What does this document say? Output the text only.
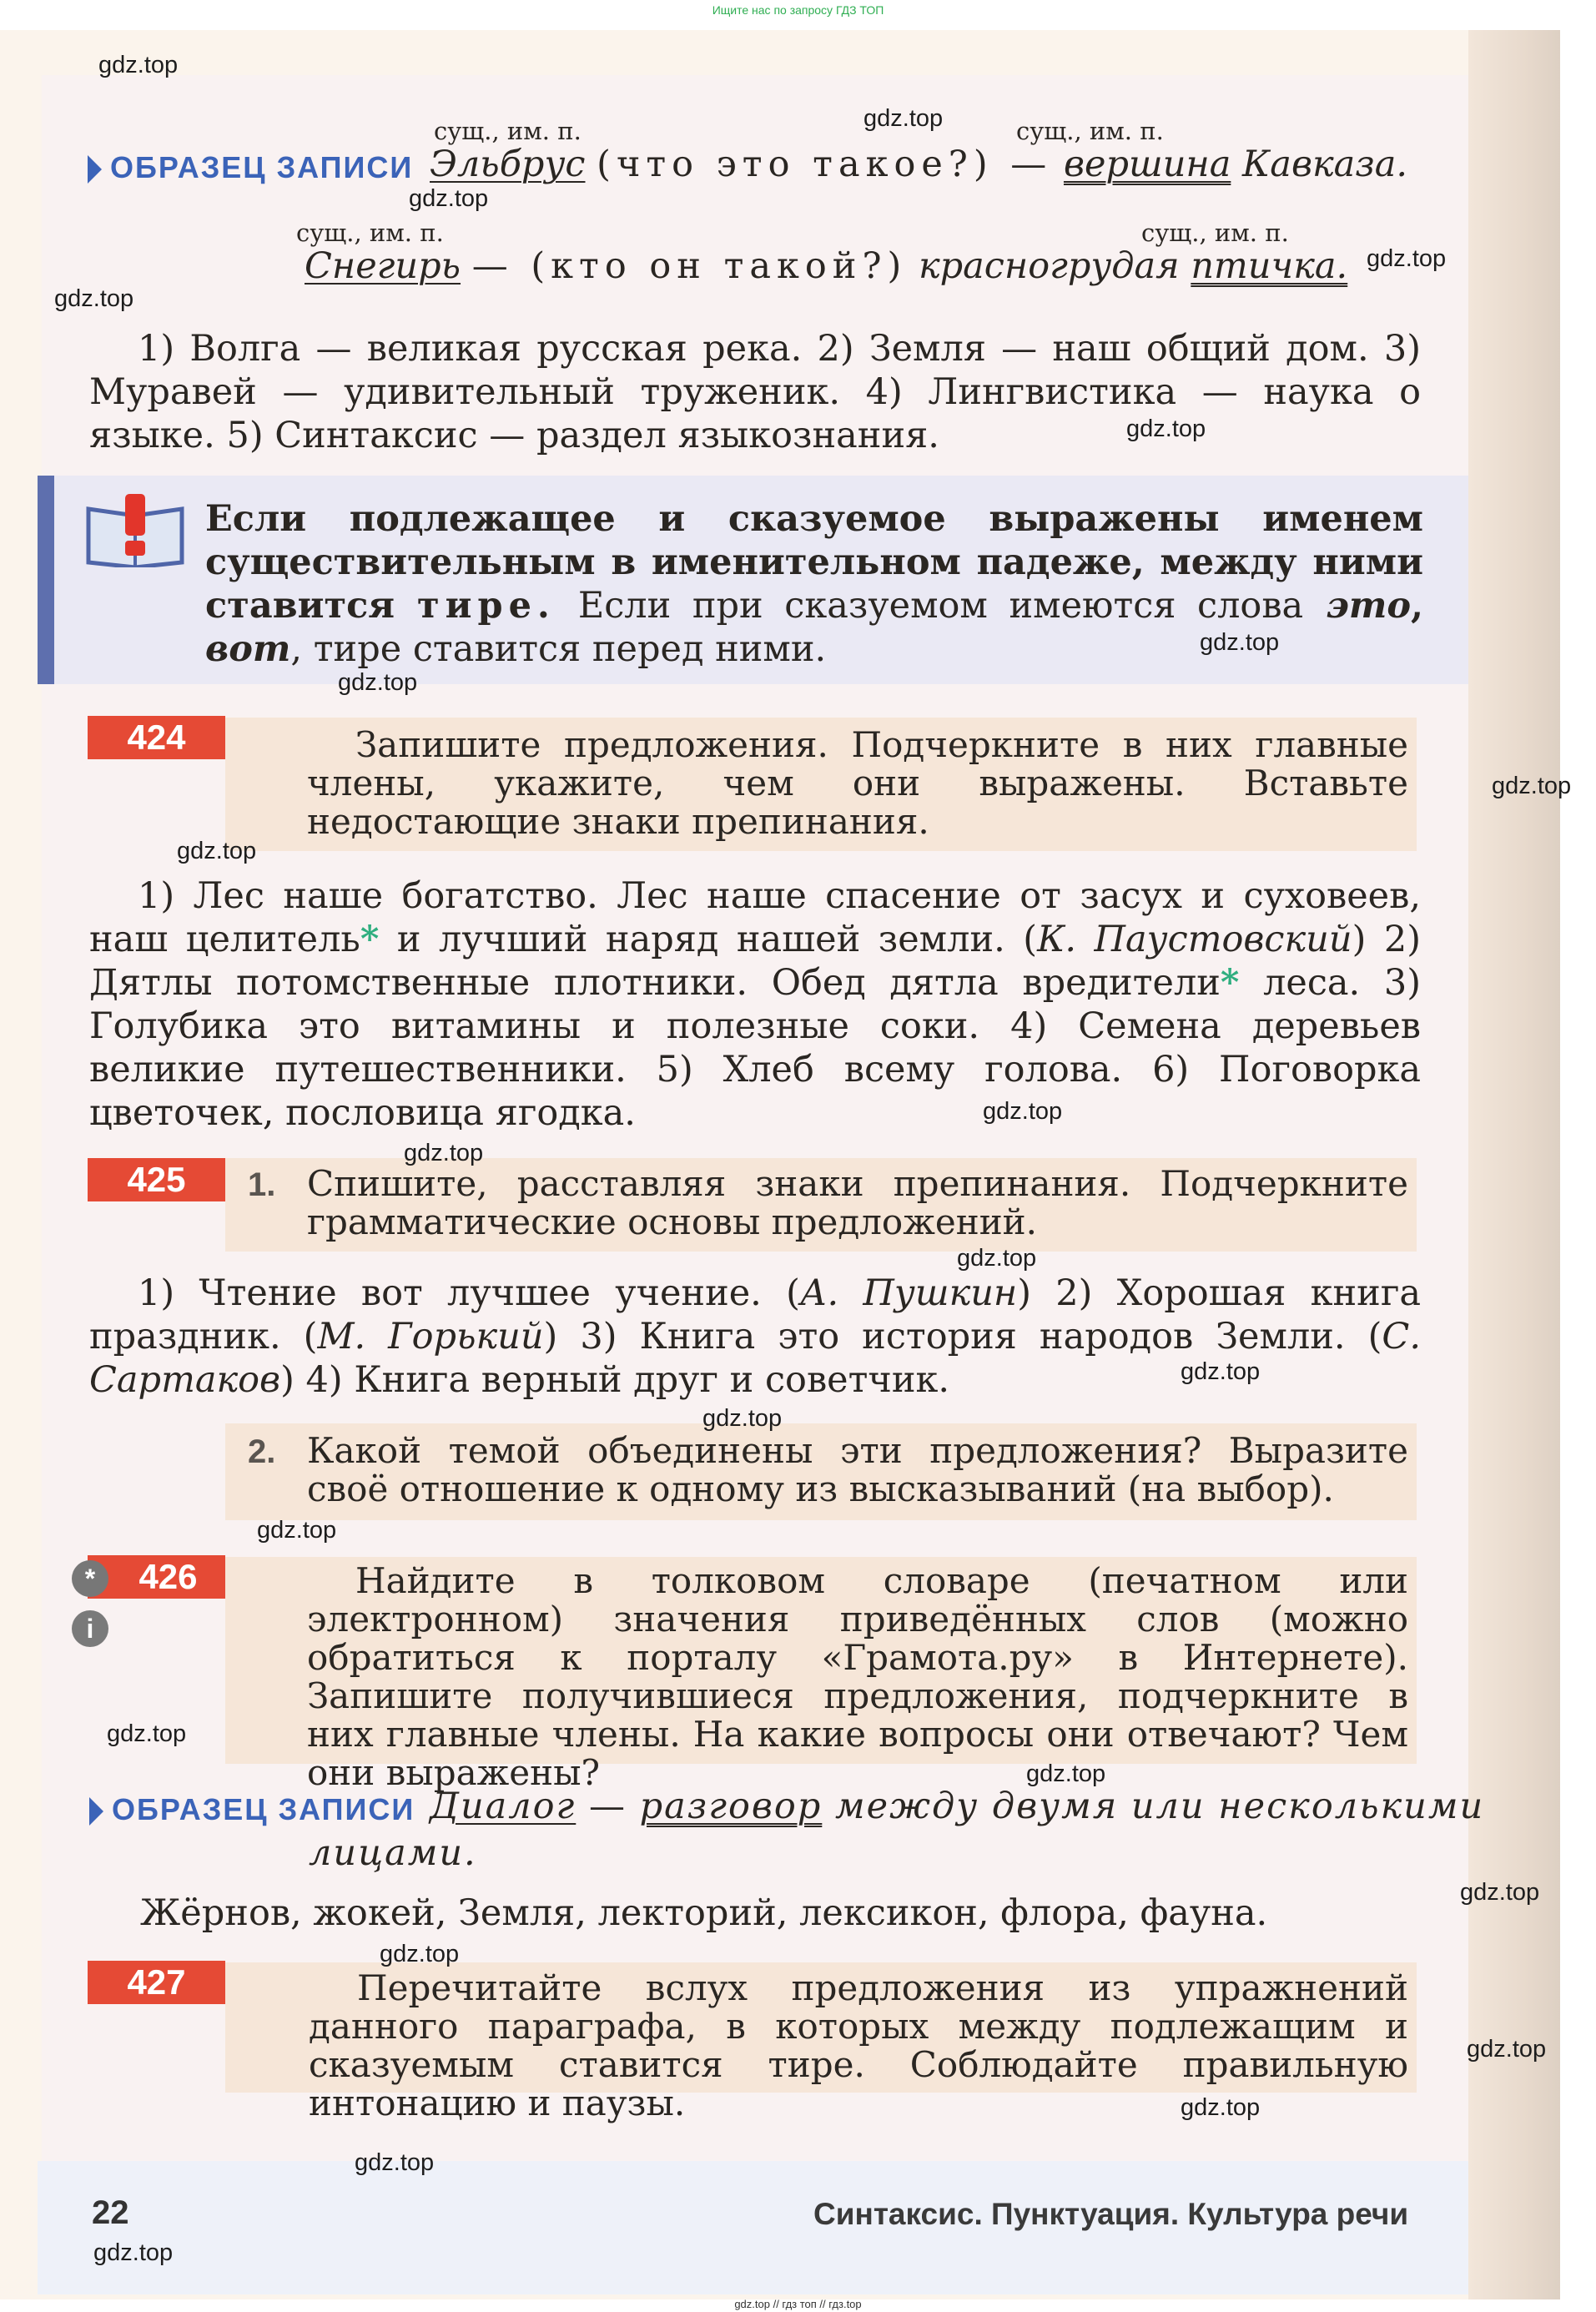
Ищите нас по запросу ГДЗ ТОП
ОБРАЗЕЦ ЗАПИСИ
сущ., им. п.	сущ., им. п.
Эльбрус (что это такое?) — вершина Кавказа.
сущ., им. п.	сущ., им. п.
Снегирь — (кто он такой?) красногрудая птичка.

1) Волга — великая русская река. 2) Земля — наш общий дом. 3) Муравей — удивительный труженик. 4) Лингвистика — наука о языке. 5) Синтаксис — раздел языкознания.

Если подлежащее и сказуемое выражены именем существительным в именительном падеже, между ними ставится тире. Если при сказуемом имеются слова это, вот, тире ставится перед ними.

424	Запишите предложения. Подчеркните в них главные члены, укажите, чем они выражены. Вставьте недостающие знаки препинания.

1) Лес наше богатство. Лес наше спасение от засух и суховеев, наш целитель* и лучший наряд нашей земли. (К. Паустовский) 2) Дятлы потомственные плотники. Обед дятла вредители* леса. 3) Голубика это витамины и полезные соки. 4) Семена деревьев великие путешественники. 5) Хлеб всему голова. 6) Поговорка цветочек, пословица ягодка.

425	1. Спишите, расставляя знаки препинания. Подчеркните грамматические основы предложений.

1) Чтение вот лучшее учение. (А. Пушкин) 2) Хорошая книга праздник. (М. Горький) 3) Книга это история народов Земли. (С. Сартаков) 4) Книга верный друг и советчик.

2. Какой темой объединены эти предложения? Выразите своё отношение к одному из высказываний (на выбор).

426
*
i

Найдите в толковом словаре (печатном или электронном) значения приведённых слов (можно обратиться к порталу «Грамота.ру» в Интернете). Запишите получившиеся предложения, подчеркните в них главные члены. На какие вопросы они отвечают? Чем они выражены?

ОБРАЗЕЦ ЗАПИСИ Диалог — разговор между двумя или несколькими
лицами.
Жёрнов, жокей, Земля, лекторий, лексикон, флора, фауна.
427	Перечитайте вслух предложения из упражнений данного параграфа, в которых между подлежащим и сказуемым ставится тире. Соблюдайте правильную интонацию и паузы.

22	Синтаксис. Пунктуация. Культура речи
gdz.top
gdz.top
gdz.top
gdz.top
gdz.top
gdz.top
gdz.top
gdz.top
gdz.top
gdz.top
gdz.top
gdz.top
gdz.top
gdz.top
gdz.top
gdz.top
gdz.top
gdz.top
gdz.top
gdz.top
gdz.top
gdz.top
gdz.top
gdz.top
gdz.top // гдз топ // гдз.top
